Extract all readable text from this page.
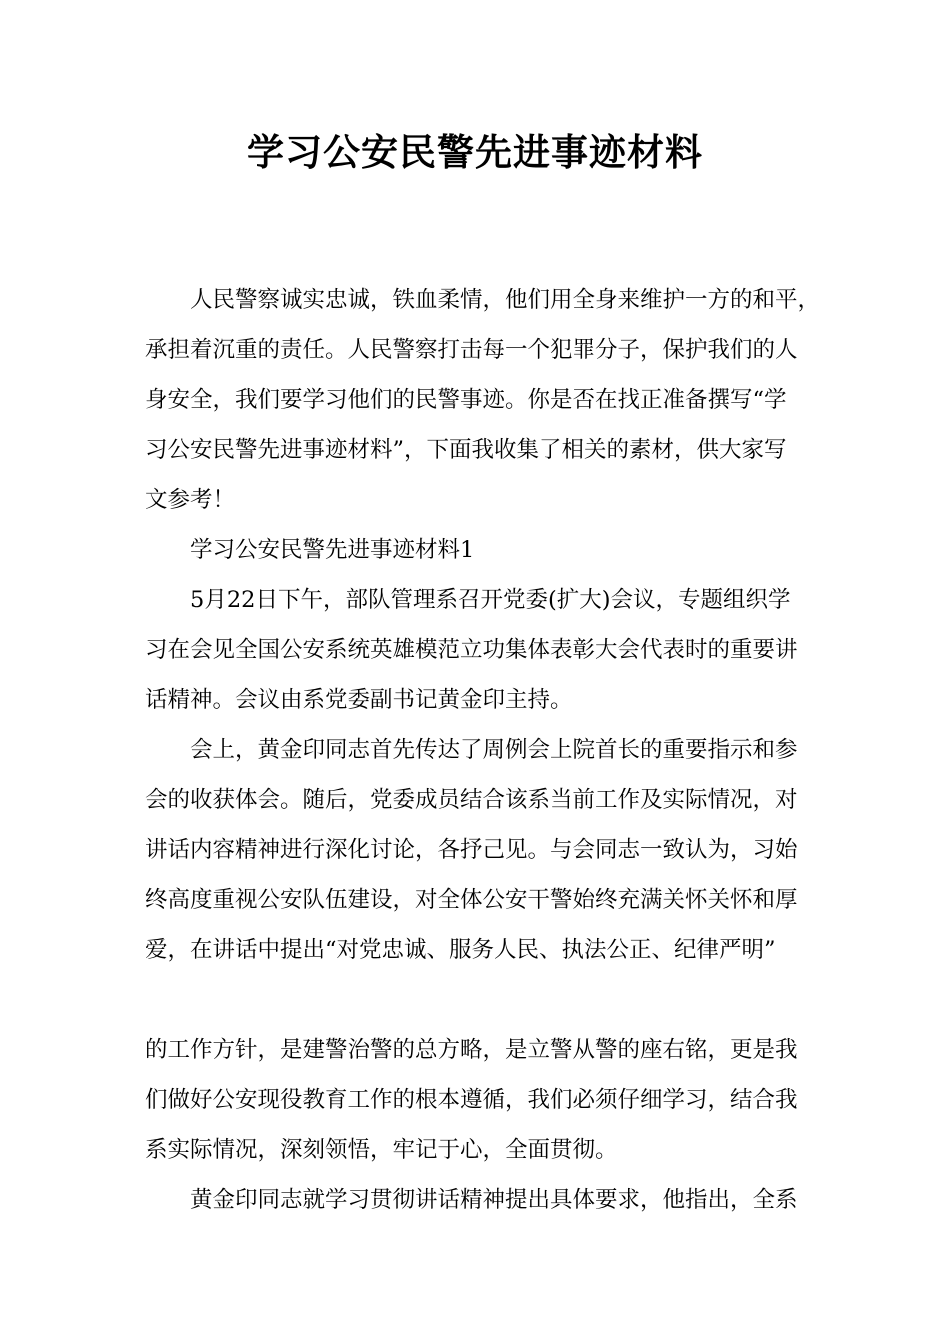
学习公安民警先进事迹材料

人民警察诚实忠诚，铁血柔情，他们用全身来维护一方的和平，

承担着沉重的责任。人民警察打击每一个犯罪分子，保护我们的人

身安全，我们要学习他们的民警事迹。你是否在找正准备撰写“学

习公安民警先进事迹材料”，下面我收集了相关的素材，供大家写

文参考！

学习公安民警先进事迹材料1

5月22日下午，部队管理系召开党委(扩大)会议，专题组织学

习在会见全国公安系统英雄模范立功集体表彰大会代表时的重要讲

话精神。会议由系党委副书记黄金印主持。

会上，黄金印同志首先传达了周例会上院首长的重要指示和参

会的收获体会。随后，党委成员结合该系当前工作及实际情况，对

讲话内容精神进行深化讨论，各抒己见。与会同志一致认为，习始

终高度重视公安队伍建设，对全体公安干警始终充满关怀关怀和厚

爱，在讲话中提出“对党忠诚、服务人民、执法公正、纪律严明”

的工作方针，是建警治警的总方略，是立警从警的座右铭，更是我

们做好公安现役教育工作的根本遵循，我们必须仔细学习，结合我

系实际情况，深刻领悟，牢记于心，全面贯彻。

黄金印同志就学习贯彻讲话精神提出具体要求，他指出，全系
